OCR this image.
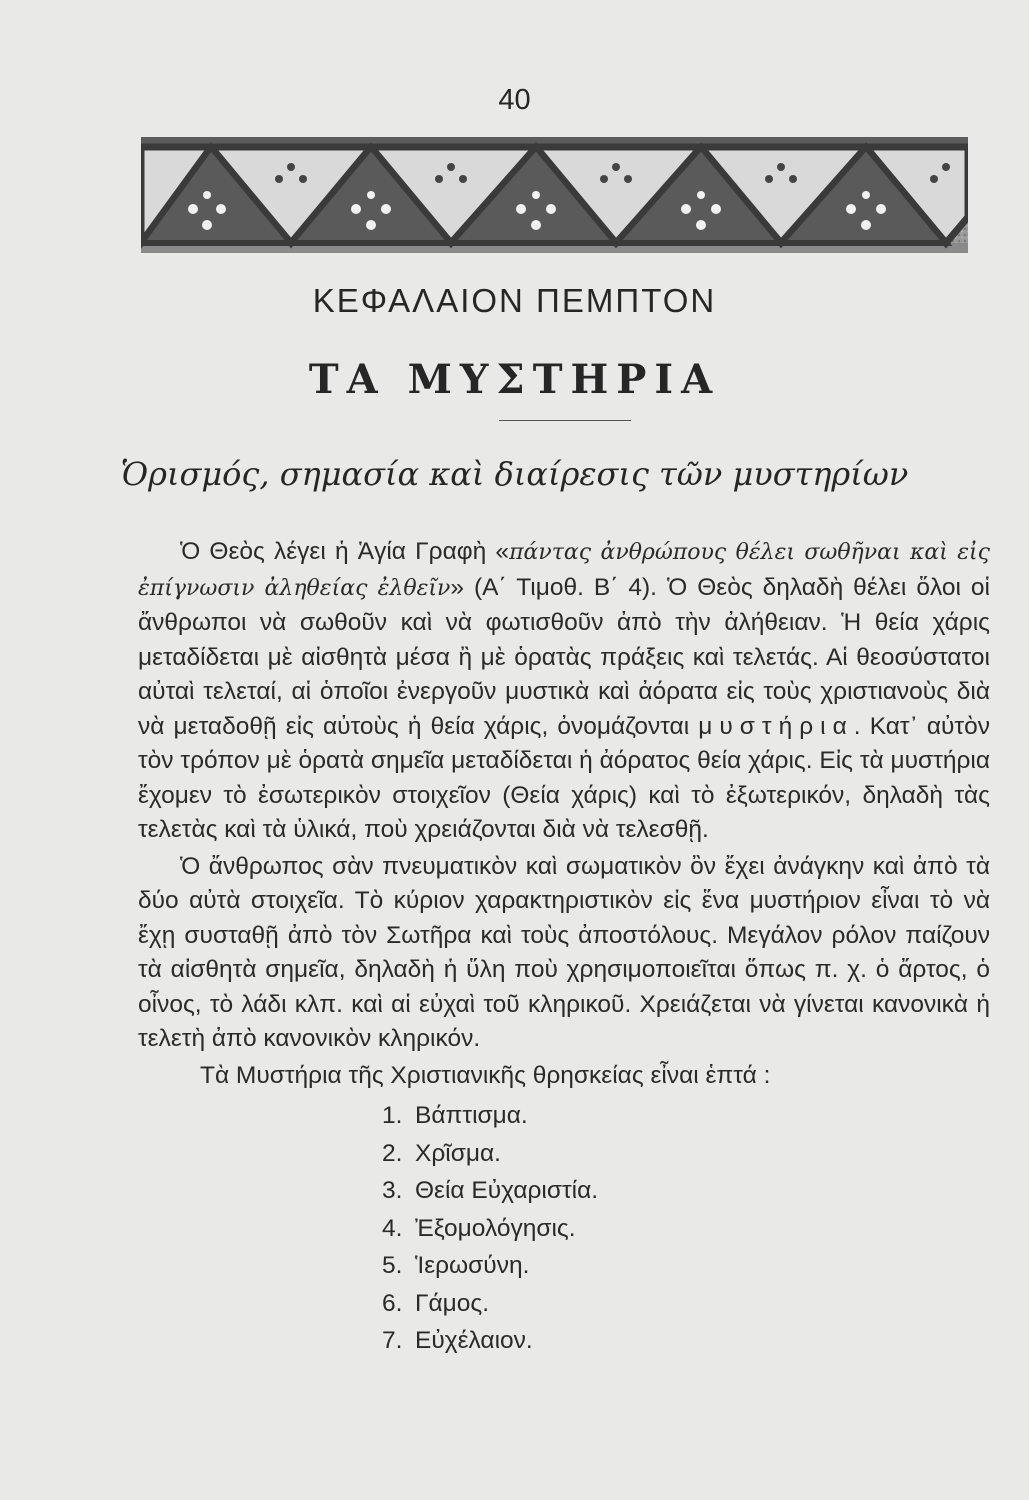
40
ΚΕΦΑΛΑΙΟΝ ΠΕΜΠΤΟΝ
ΤΑ ΜΥΣΤΗΡΙΑ
Ὁρισμός, σημασία καὶ διαίρεσις τῶν μυστηρίων

Ὁ Θεὸς λέγει ἡ Ἁγία Γραφὴ «πάντας ἀνθρώπους θέλει σωθῆναι καὶ εἰς ἐπίγνωσιν ἀληθείας ἐλθεῖν» (Α΄ Τιμοθ. Β΄ 4). Ὁ Θεὸς δηλαδὴ θέλει ὅλοι οἱ ἄνθρωποι νὰ σωθοῦν καὶ νὰ φωτισθοῦν ἀπὸ τὴν ἀλήθειαν. Ἡ θεία χάρις μεταδίδεται μὲ αἰσθητὰ μέσα ἢ μὲ ὁρατὰς πράξεις καὶ τελετάς. Αἱ θεοσύστατοι αὐταὶ τελεταί, αἱ ὁποῖοι ἐνεργοῦν μυστικὰ καὶ ἀόρατα εἰς τοὺς χριστιανοὺς διὰ νὰ μεταδοθῇ εἰς αὐτοὺς ἡ θεία χάρις, ὀνομάζονται μυστήρια. Κατ᾿ αὐτὸν τὸν τρόπον μὲ ὁρατὰ σημεῖα μεταδίδεται ἡ ἀόρατος θεία χάρις. Εἰς τὰ μυστήρια ἔχομεν τὸ ἐσωτερικὸν στοιχεῖον (Θεία χάρις) καὶ τὸ ἐξωτερικόν, δηλαδὴ τὰς τελετὰς καὶ τὰ ὑλικά, ποὺ χρειάζονται διὰ νὰ τελεσθῇ.

Ὁ ἄνθρωπος σὰν πνευματικὸν καὶ σωματικὸν ὂν ἔχει ἀνάγκην καὶ ἀπὸ τὰ δύο αὐτὰ στοιχεῖα. Τὸ κύριον χαρακτηριστικὸν εἰς ἕνα μυστήριον εἶναι τὸ νὰ ἔχῃ συσταθῇ ἀπὸ τὸν Σωτῆρα καὶ τοὺς ἀποστόλους. Μεγάλον ρόλον παίζουν τὰ αἰσθητὰ σημεῖα, δηλαδὴ ἡ ὕλη ποὺ χρησιμοποιεῖται ὅπως π. χ. ὁ ἄρτος, ὁ οἶνος, τὸ λάδι κλπ. καὶ αἱ εὐχαὶ τοῦ κληρικοῦ. Χρειάζεται νὰ γίνεται κανονικὰ ἡ τελετὴ ἀπὸ κανονικὸν κληρικόν.

Τὰ Μυστήρια τῆς Χριστιανικῆς θρησκείας εἶναι ἑπτά :

1. Βάπτισμα.
2. Χρῖσμα.
3. Θεία Εὐχαριστία.
4. Ἐξομολόγησις.
5. Ἱερωσύνη.
6. Γάμος.
7. Εὐχέλαιον.
